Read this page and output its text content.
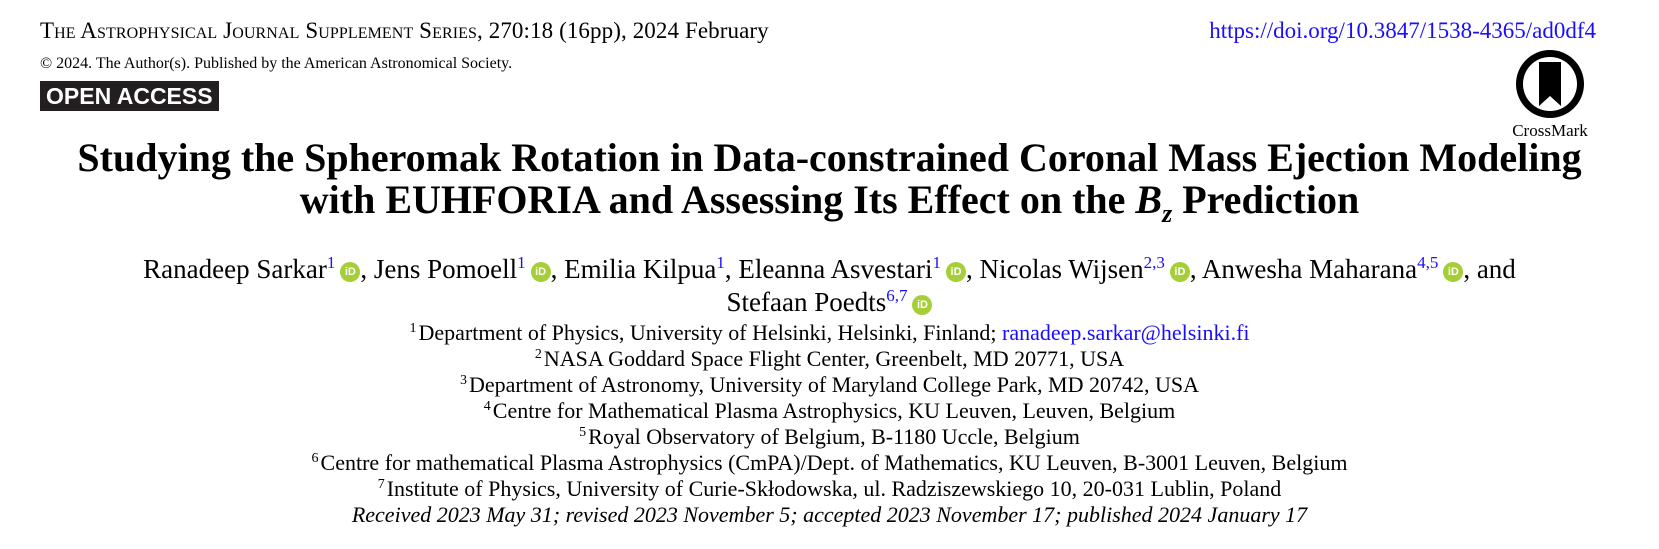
The Astrophysical Journal Supplement Series, 270:18 (16pp), 2024 February	https://doi.org/10.3847/1538-4365/ad0df4
© 2024. The Author(s). Published by the American Astronomical Society.
OPEN ACCESS
CrossMark
Studying the Spheromak Rotation in Data-constrained Coronal Mass Ejection Modeling
with EUHFORIA and Assessing Its Effect on the $B_z$ Prediction
Ranadeep Sarkar$^1$ iD , Jens Pomoell$^1$ iD , Emilia Kilpua$^1$, Eleanna Asvestari$^1$ iD , Nicolas Wijsen$^{2,3}$ iD , Anwesha Maharana$^{4,5}$ iD , and
Stefaan Poedts$^{6,7}$ iD
$^1$Department of Physics, University of Helsinki, Helsinki, Finland; ranadeep.sarkar@helsinki.fi
$^2$NASA Goddard Space Flight Center, Greenbelt, MD 20771, USA
$^3$Department of Astronomy, University of Maryland College Park, MD 20742, USA
$^4$Centre for Mathematical Plasma Astrophysics, KU Leuven, Leuven, Belgium
$^5$Royal Observatory of Belgium, B-1180 Uccle, Belgium
$^6$Centre for mathematical Plasma Astrophysics (CmPA)/Dept. of Mathematics, KU Leuven, B-3001 Leuven, Belgium
$^7$Institute of Physics, University of Curie-Skłodowska, ul. Radziszewskiego 10, 20-031 Lublin, Poland
Received 2023 May 31; revised 2023 November 5; accepted 2023 November 17; published 2024 January 17
